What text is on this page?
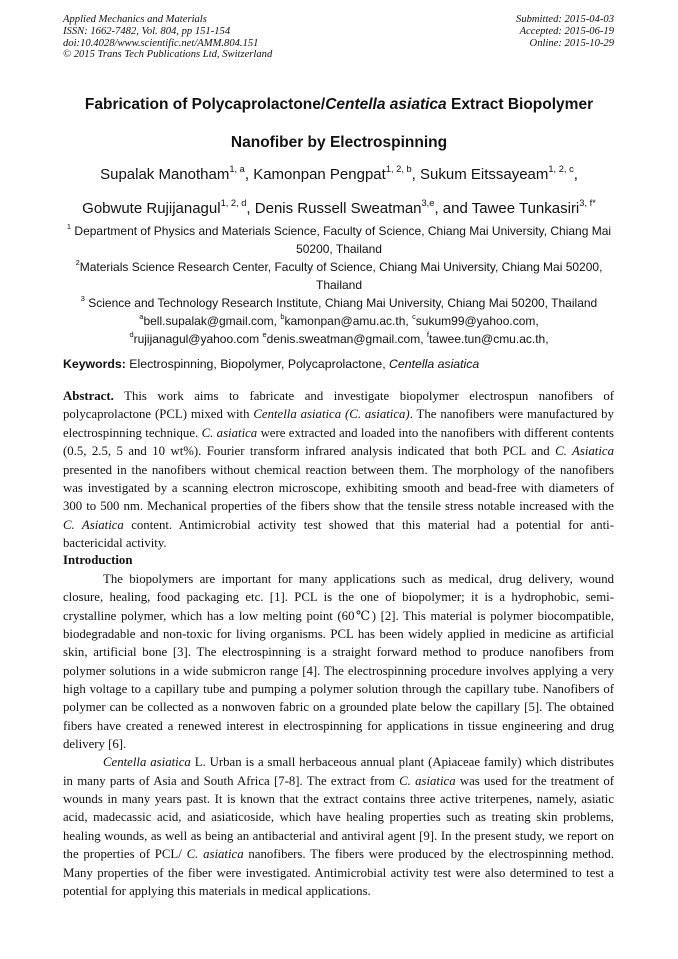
Applied Mechanics and Materials
ISSN: 1662-7482, Vol. 804, pp 151-154
doi:10.4028/www.scientific.net/AMM.804.151
© 2015 Trans Tech Publications Ltd, Switzerland
Submitted: 2015-04-03
Accepted: 2015-06-19
Online: 2015-10-29
Fabrication of Polycaprolactone/Centella asiatica Extract Biopolymer
Nanofiber by Electrospinning
Supalak Manotham$^{1, a}$, Kamonpan Pengpat$^{1, 2, b}$, Sukum Eitssayeam$^{1, 2, c}$,
Gobwute Rujijanagul$^{1, 2, d}$, Denis Russell Sweatman$^{3,e}$, and Tawee Tunkasiri$^{3, f*}$

$^1$ Department of Physics and Materials Science, Faculty of Science, Chiang Mai University, Chiang Mai 50200, Thailand

$^2$Materials Science Research Center, Faculty of Science, Chiang Mai University, Chiang Mai 50200, Thailand

$^3$ Science and Technology Research Institute, Chiang Mai University, Chiang Mai 50200, Thailand

$^a$bell.supalak@gmail.com, $^b$kamonpan@amu.ac.th, $^c$sukum99@yahoo.com,

$^d$rujijanagul@yahoo.com $^e$denis.sweatman@gmail.com, $^f$tawee.tun@cmu.ac.th,

Keywords: Electrospinning, Biopolymer, Polycaprolactone, Centella asiatica

Abstract. This work aims to fabricate and investigate biopolymer electrospun nanofibers of polycaprolactone (PCL) mixed with Centella asiatica (C. asiatica). The nanofibers were manufactured by electrospinning technique. C. asiatica were extracted and loaded into the nanofibers with different contents (0.5, 2.5, 5 and 10 wt%). Fourier transform infrared analysis indicated that both PCL and C. Asiatica presented in the nanofibers without chemical reaction between them. The morphology of the nanofibers was investigated by a scanning electron microscope, exhibiting smooth and bead-free with diameters of 300 to 500 nm. Mechanical properties of the fibers show that the tensile stress notable increased with the C. Asiatica content. Antimicrobial activity test showed that this material had a potential for anti-bactericidal activity.

Introduction

The biopolymers are important for many applications such as medical, drug delivery, wound closure, healing, food packaging etc. [1]. PCL is the one of biopolymer; it is a hydrophobic, semi-crystalline polymer, which has a low melting point (60℃) [2]. This material is polymer biocompatible, biodegradable and non-toxic for living organisms. PCL has been widely applied in medicine as artificial skin, artificial bone [3]. The electrospinning is a straight forward method to produce nanofibers from polymer solutions in a wide submicron range [4]. The electrospinning procedure involves applying a very high voltage to a capillary tube and pumping a polymer solution through the capillary tube. Nanofibers of polymer can be collected as a nonwoven fabric on a grounded plate below the capillary [5]. The obtained fibers have created a renewed interest in electrospinning for applications in tissue engineering and drug delivery [6].

Centella asiatica L. Urban is a small herbaceous annual plant (Apiaceae family) which distributes in many parts of Asia and South Africa [7-8]. The extract from C. asiatica was used for the treatment of wounds in many years past. It is known that the extract contains three active triterpenes, namely, asiatic acid, madecassic acid, and asiaticoside, which have healing properties such as treating skin problems, healing wounds, as well as being an antibacterial and antiviral agent [9]. In the present study, we report on the properties of PCL/ C. asiatica nanofibers. The fibers were produced by the electrospinning method. Many properties of the fiber were investigated. Antimicrobial activity test were also determined to test a potential for applying this materials in medical applications.
